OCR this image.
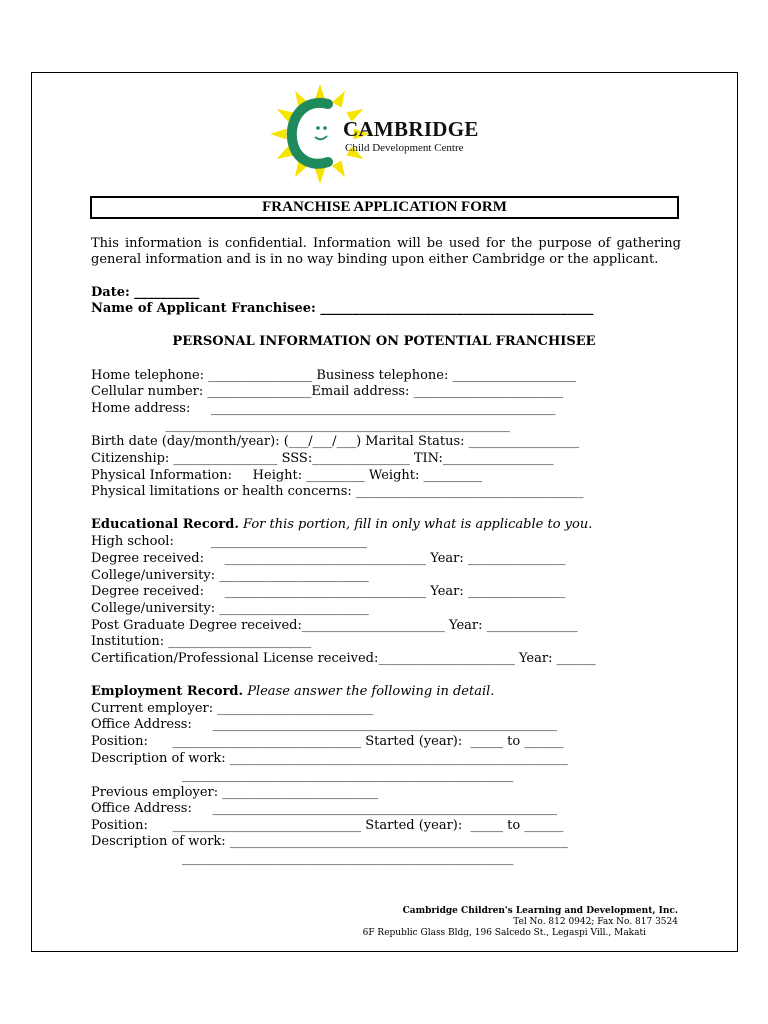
CAMBRIDGE
Child Development Centre
FRANCHISE APPLICATION FORM
This information is confidential. Information will be used for the purpose of gathering general information and is in no way binding upon either Cambridge or the applicant.
Date: __________
Name of Applicant Franchisee: __________________________________________
PERSONAL INFORMATION ON POTENTIAL FRANCHISEE
Home telephone: ________________ Business telephone: ___________________
Cellular number: ________________Email address: _______________________
Home address:     _____________________________________________________
_____________________________________________________
Birth date (day/month/year): (___/___/___) Marital Status: _________________
Citizenship: ________________ SSS:_______________ TIN:_________________
Physical Information:     Height: _________ Weight: _________
Physical limitations or health concerns: ___________________________________
Educational Record. For this portion, fill in only what is applicable to you.
High school:         ________________________
Degree received:     _______________________________ Year: _______________
College/university: _______________________
Degree received:     _______________________________ Year: _______________
College/university: _______________________
Post Graduate Degree received:______________________ Year: ______________
Institution: ______________________
Certification/Professional License received:_____________________ Year: ______
Employment Record. Please answer the following in detail.
Current employer: ________________________
Office Address:     _____________________________________________________
Position:      _____________________________ Started (year):  _____ to ______
Description of work: ____________________________________________________
___________________________________________________
Previous employer: ________________________
Office Address:     _____________________________________________________
Position:      _____________________________ Started (year):  _____ to ______
Description of work: ____________________________________________________
___________________________________________________
Cambridge Children's Learning and Development, Inc.
Tel No. 812 0942; Fax No. 817 3524
6F Republic Glass Bldg, 196 Salcedo St., Legaspi Vill., Makati
